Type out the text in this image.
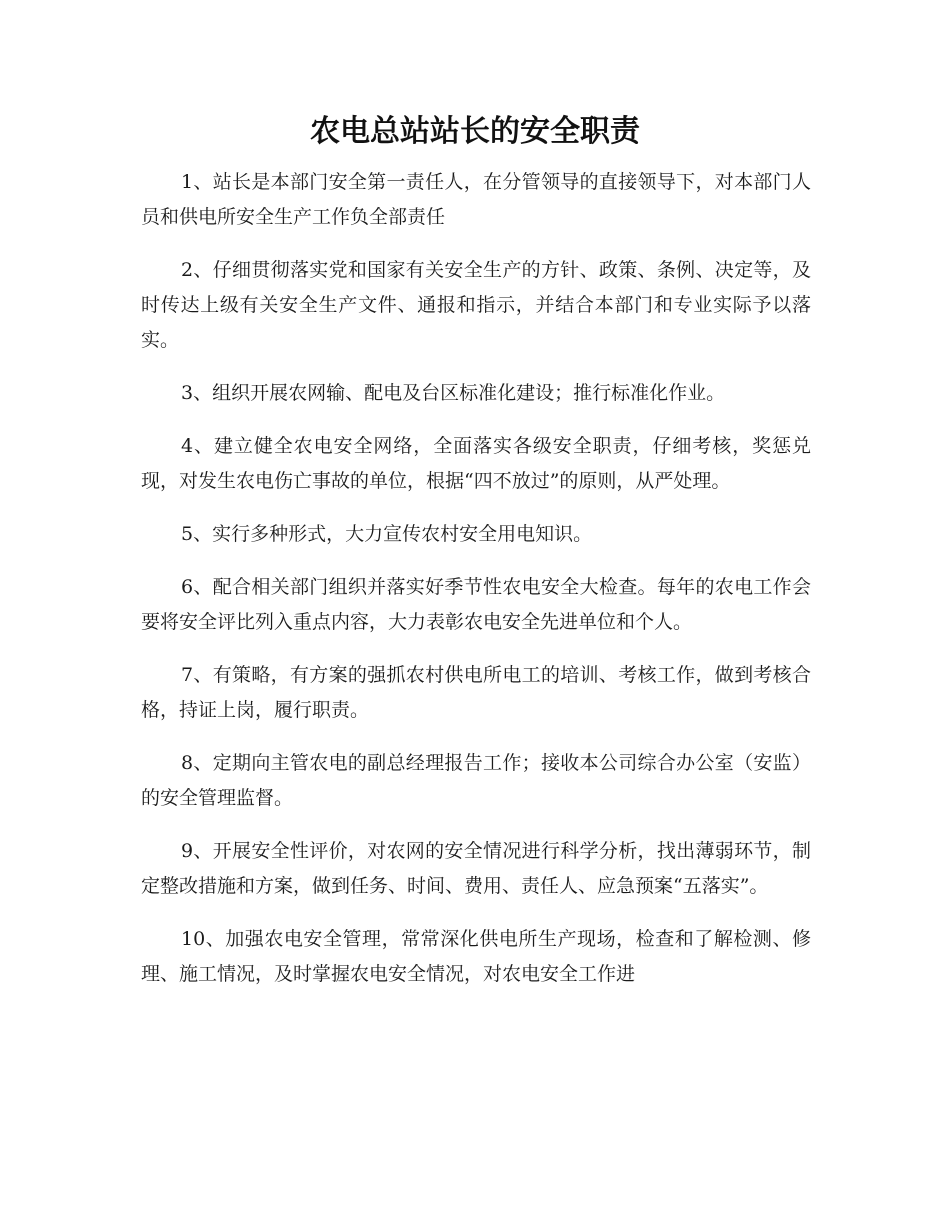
农电总站站长的安全职责

1、站长是本部门安全第一责任人，在分管领导的直接领导下，对本部门人员和供电所安全生产工作负全部责任

2、仔细贯彻落实党和国家有关安全生产的方针、政策、条例、决定等，及时传达上级有关安全生产文件、通报和指示，并结合本部门和专业实际予以落实。

3、组织开展农网输、配电及台区标准化建设；推行标准化作业。

4、建立健全农电安全网络，全面落实各级安全职责，仔细考核，奖惩兑现，对发生农电伤亡事故的单位，根据“四不放过”的原则，从严处理。

5、实行多种形式，大力宣传农村安全用电知识。

6、配合相关部门组织并落实好季节性农电安全大检查。每年的农电工作会要将安全评比列入重点内容，大力表彰农电安全先进单位和个人。

7、有策略，有方案的强抓农村供电所电工的培训、考核工作，做到考核合格，持证上岗，履行职责。

8、定期向主管农电的副总经理报告工作；接收本公司综合办公室（安监）的安全管理监督。

9、开展安全性评价，对农网的安全情况进行科学分析，找出薄弱环节，制定整改措施和方案，做到任务、时间、费用、责任人、应急预案“五落实”。

10、加强农电安全管理，常常深化供电所生产现场，检查和了解检测、修理、施工情况，及时掌握农电安全情况，对农电安全工作进
